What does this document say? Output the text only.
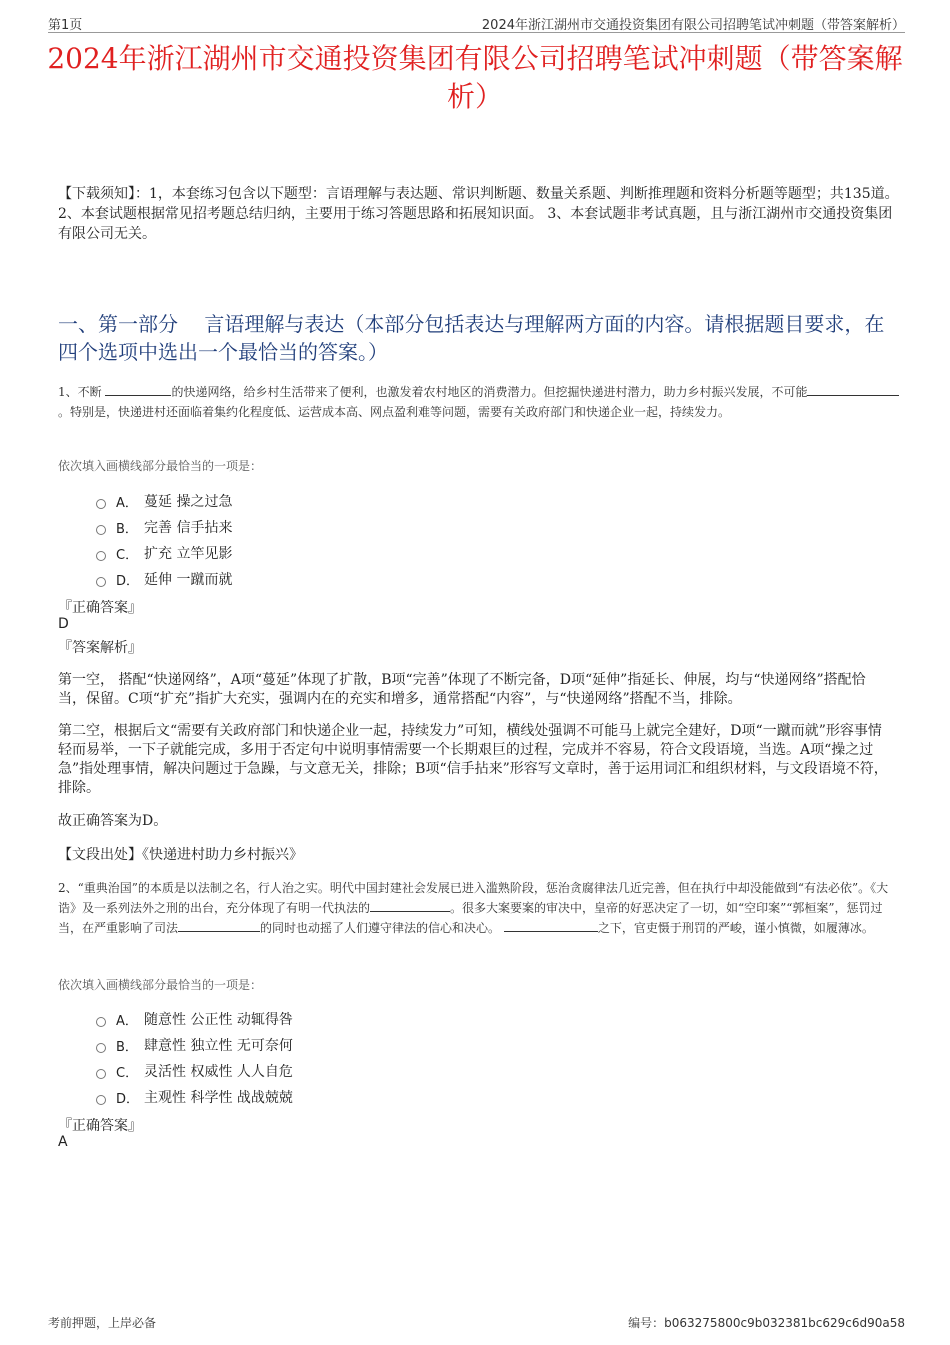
第1页	2024年浙江湖州市交通投资集团有限公司招聘笔试冲刺题（带答案解析）
2024年浙江湖州市交通投资集团有限公司招聘笔试冲刺题（带答案解析）
【下载须知】：1，本套练习包含以下题型：言语理解与表达题、常识判断题、数量关系题、判断推理题和资料分析题等题型；共135道。 2、本套试题根据常见招考题总结归纳，主要用于练习答题思路和拓展知识面。 3、本套试题非考试真题，且与浙江湖州市交通投资集团有限公司无关。
一、第一部分　 言语理解与表达（本部分包括表达与理解两方面的内容。请根据题目要求，在四个选项中选出一个最恰当的答案。）
1、不断	的快递网络，给乡村生活带来了便利，也激发着农村地区的消费潜力。但挖掘快递进村潜力，助力乡村振兴发展，不可能。特别是，快递进村还面临着集约化程度低、运营成本高、网点盈利难等问题，需要有关政府部门和快递企业一起，持续发力。
依次填入画横线部分最恰当的一项是：
A． 蔓延 操之过急
B． 完善 信手拈来
C． 扩充 立竿见影
D． 延伸 一蹴而就
『正确答案』
D
『答案解析』
第一空， 搭配“快递网络”，A项“蔓延”体现了扩散，B项“完善”体现了不断完备，D项“延伸”指延长、伸展，均与“快递网络”搭配恰当，保留。C项“扩充”指扩大充实，强调内在的充实和增多，通常搭配“内容”，与“快递网络”搭配不当，排除。
第二空，根据后文“需要有关政府部门和快递企业一起，持续发力”可知，横线处强调不可能马上就完全建好，D项“一蹴而就”形容事情轻而易举，一下子就能完成，多用于否定句中说明事情需要一个长期艰巨的过程，完成并不容易，符合文段语境，当选。A项“操之过急”指处理事情，解决问题过于急躁，与文意无关，排除；B项“信手拈来”形容写文章时，善于运用词汇和组织材料，与文段语境不符，排除。
故正确答案为D。
【文段出处】《快递进村助力乡村振兴》
2、“重典治国”的本质是以法制之名，行人治之实。明代中国封建社会发展已进入滥熟阶段，惩治贪腐律法几近完善，但在执行中却没能做到“有法必依”。《大诰》及一系列法外之刑的出台，充分体现了有明一代执法的	。很多大案要案的审决中，皇帝的好恶决定了一切，如“空印案”“郭桓案”，惩罚过当，在严重影响了司法	的同时也动摇了人们遵守律法的信心和决心。	之下，官吏慑于刑罚的严峻，谨小慎微，如履薄冰。
依次填入画横线部分最恰当的一项是：
A． 随意性 公正性 动辄得咎
B． 肆意性 独立性 无可奈何
C． 灵活性 权威性 人人自危
D． 主观性 科学性 战战兢兢
『正确答案』
A
考前押题，上岸必备	编号：b063275800c9b032381bc629c6d90a58
